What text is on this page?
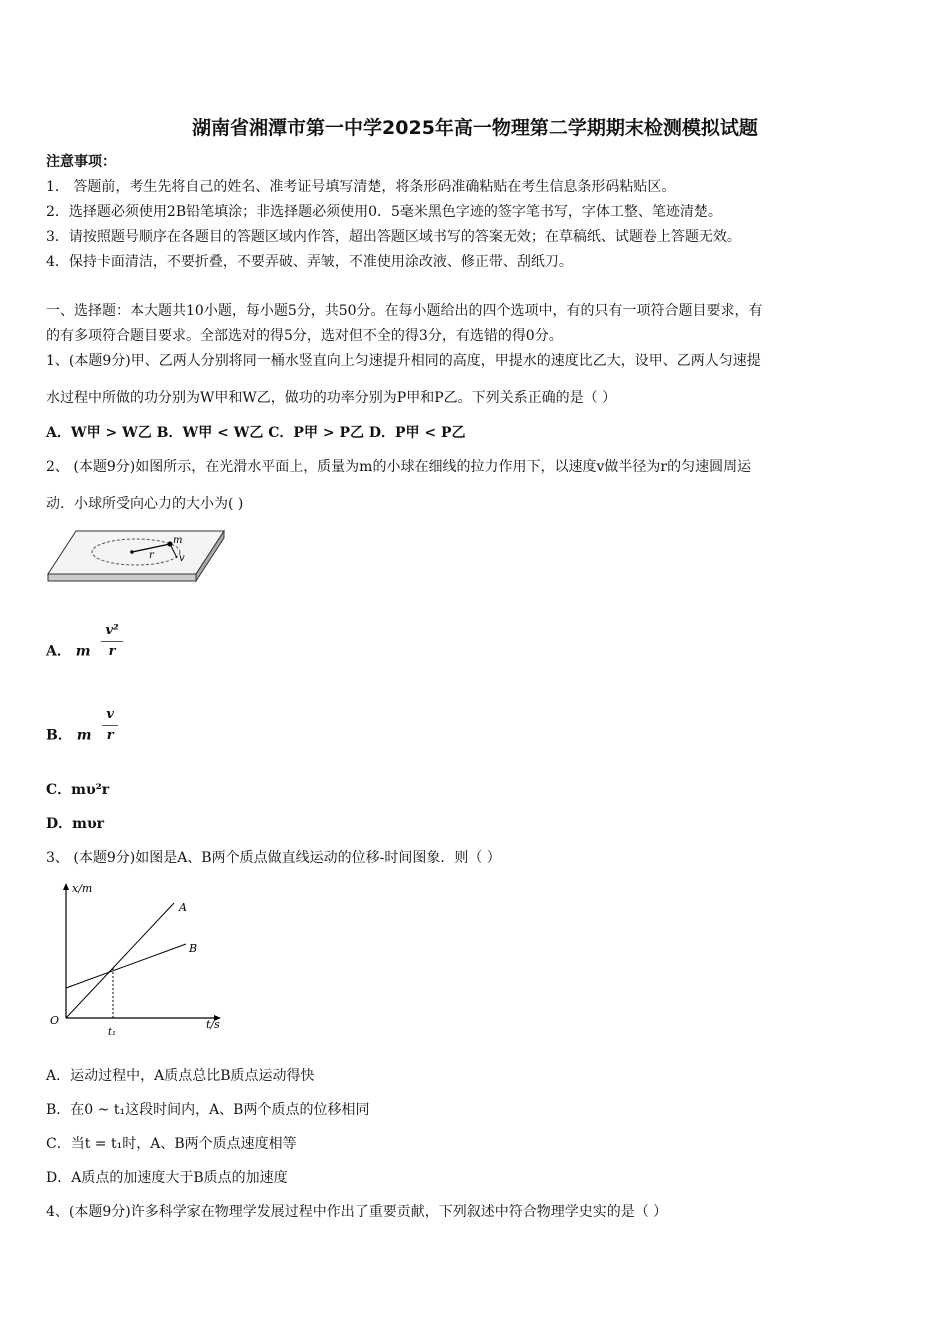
湖南省湘潭市第一中学2025年高一物理第二学期期末检测模拟试题
注意事项：
1． 答题前，考生先将自己的姓名、准考证号填写清楚，将条形码准确粘贴在考生信息条形码粘贴区。
2．选择题必须使用2B铅笔填涂；非选择题必须使用0．5毫米黑色字迹的签字笔书写，字体工整、笔迹清楚。
3．请按照题号顺序在各题目的答题区域内作答，超出答题区域书写的答案无效；在草稿纸、试题卷上答题无效。
4．保持卡面清洁，不要折叠，不要弄破、弄皱，不准使用涂改液、修正带、刮纸刀。
一、选择题：本大题共10小题，每小题5分，共50分。在每小题给出的四个选项中，有的只有一项符合题目要求，有
的有多项符合题目要求。全部选对的得5分，选对但不全的得3分，有选错的得0分。
1、(本题9分)甲、乙两人分别将同一桶水竖直向上匀速提升相同的高度，甲提水的速度比乙大，设甲、乙两人匀速提
水过程中所做的功分别为W甲和W乙，做功的功率分别为P甲和P乙。下列关系正确的是（ ）
A．W甲 > W乙 B．W甲 < W乙 C．P甲 > P乙 D．P甲 < P乙
2、 (本题9分)如图所示，在光滑水平面上，质量为m的小球在细线的拉力作用下，以速度v做半径为r的匀速圆周运
动．小球所受向心力的大小为( )
m
r	v
A． m $\frac{\text{v²}}{r}$
B． m $\frac{v}{r}$
C．mυ²r
D．mυr
3、 (本题9分)如图是A、B两个质点做直线运动的位移-时间图象．则（ ）
x/m
t/s
O
t₁
A
B
A．运动过程中，A质点总比B质点运动得快
B．在0 ~ t₁这段时间内，A、B两个质点的位移相同
C．当t = t₁时，A、B两个质点速度相等
D．A质点的加速度大于B质点的加速度
4、(本题9分)许多科学家在物理学发展过程中作出了重要贡献，下列叙述中符合物理学史实的是（ ）
